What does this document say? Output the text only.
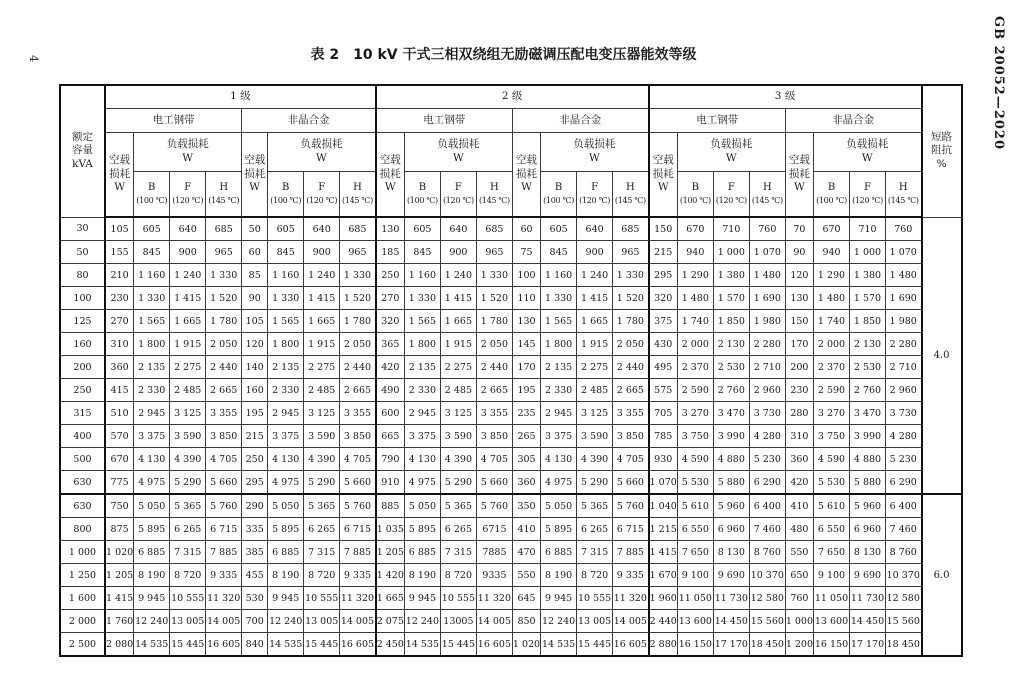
4	GB 20052—2020
表 2　10 kV 干式三相双绕组无励磁调压配电变压器能效等级
额定
容量
kVA	1 级								2 级								3 级								短路
阻抗
%
	电工钢带				非晶合金				电工钢带				非晶合金				电工钢带				非晶合金				
	空载
损耗
W	负载损耗
W			空载
损耗
W	负载损耗
W			空载
损耗
W	负载损耗
W			空载
损耗
W	负载损耗
W			空载
损耗
W	负载损耗
W			空载
损耗
W	负载损耗
W			
		B
(100 ℃)	F
(120 ℃)	H
(145 ℃)		B
(100 ℃)	F
(120 ℃)	H
(145 ℃)		B
(100 ℃)	F
(120 ℃)	H
(145 ℃)		B
(100 ℃)	F
(120 ℃)	H
(145 ℃)		B
(100 ℃)	F
(120 ℃)	H
(145 ℃)		B
(100 ℃)	F
(120 ℃)	H
(145 ℃)	
30	105	605	640	685	50	605	640	685	130	605	640	685	60	605	640	685	150	670	710	760	70	670	710	760	4.0
50	155	845	900	965	60	845	900	965	185	845	900	965	75	845	900	965	215	940	1 000	1 070	90	940	1 000	1 070	
80	210	1 160	1 240	1 330	85	1 160	1 240	1 330	250	1 160	1 240	1 330	100	1 160	1 240	1 330	295	1 290	1 380	1 480	120	1 290	1 380	1 480	
100	230	1 330	1 415	1 520	90	1 330	1 415	1 520	270	1 330	1 415	1 520	110	1 330	1 415	1 520	320	1 480	1 570	1 690	130	1 480	1 570	1 690	
125	270	1 565	1 665	1 780	105	1 565	1 665	1 780	320	1 565	1 665	1 780	130	1 565	1 665	1 780	375	1 740	1 850	1 980	150	1 740	1 850	1 980	
160	310	1 800	1 915	2 050	120	1 800	1 915	2 050	365	1 800	1 915	2 050	145	1 800	1 915	2 050	430	2 000	2 130	2 280	170	2 000	2 130	2 280	
200	360	2 135	2 275	2 440	140	2 135	2 275	2 440	420	2 135	2 275	2 440	170	2 135	2 275	2 440	495	2 370	2 530	2 710	200	2 370	2 530	2 710	
250	415	2 330	2 485	2 665	160	2 330	2 485	2 665	490	2 330	2 485	2 665	195	2 330	2 485	2 665	575	2 590	2 760	2 960	230	2 590	2 760	2 960	
315	510	2 945	3 125	3 355	195	2 945	3 125	3 355	600	2 945	3 125	3 355	235	2 945	3 125	3 355	705	3 270	3 470	3 730	280	3 270	3 470	3 730	
400	570	3 375	3 590	3 850	215	3 375	3 590	3 850	665	3 375	3 590	3 850	265	3 375	3 590	3 850	785	3 750	3 990	4 280	310	3 750	3 990	4 280	
500	670	4 130	4 390	4 705	250	4 130	4 390	4 705	790	4 130	4 390	4 705	305	4 130	4 390	4 705	930	4 590	4 880	5 230	360	4 590	4 880	5 230	
630	775	4 975	5 290	5 660	295	4 975	5 290	5 660	910	4 975	5 290	5 660	360	4 975	5 290	5 660	1 070	5 530	5 880	6 290	420	5 530	5 880	6 290	
630	750	5 050	5 365	5 760	290	5 050	5 365	5 760	885	5 050	5 365	5 760	350	5 050	5 365	5 760	1 040	5 610	5 960	6 400	410	5 610	5 960	6 400	6.0
800	875	5 895	6 265	6 715	335	5 895	6 265	6 715	1 035	5 895	6 265	6715	410	5 895	6 265	6 715	1 215	6 550	6 960	7 460	480	6 550	6 960	7 460	
1 000	1 020	6 885	7 315	7 885	385	6 885	7 315	7 885	1 205	6 885	7 315	7885	470	6 885	7 315	7 885	1 415	7 650	8 130	8 760	550	7 650	8 130	8 760	
1 250	1 205	8 190	8 720	9 335	455	8 190	8 720	9 335	1 420	8 190	8 720	9335	550	8 190	8 720	9 335	1 670	9 100	9 690	10 370	650	9 100	9 690	10 370	
1 600	1 415	9 945	10 555	11 320	530	9 945	10 555	11 320	1 665	9 945	10 555	11 320	645	9 945	10 555	11 320	1 960	11 050	11 730	12 580	760	11 050	11 730	12 580	
2 000	1 760	12 240	13 005	14 005	700	12 240	13 005	14 005	2 075	12 240	13005	14 005	850	12 240	13 005	14 005	2 440	13 600	14 450	15 560	1 000	13 600	14 450	15 560	
2 500	2 080	14 535	15 445	16 605	840	14 535	15 445	16 605	2 450	14 535	15 445	16 605	1 020	14 535	15 445	16 605	2 880	16 150	17 170	18 450	1 200	16 150	17 170	18 450	
